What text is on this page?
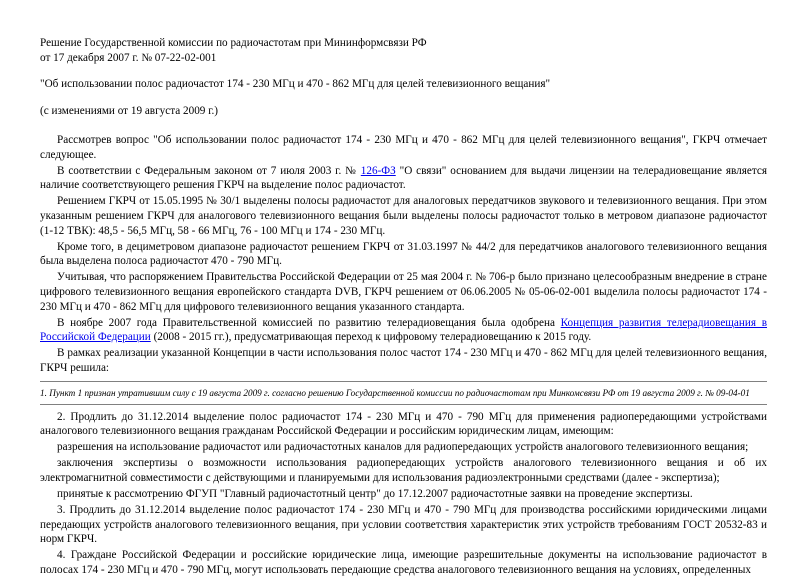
Решение Государственной комиссии по радиочастотам при Мининформсвязи РФ

от 17 декабря 2007 г. № 07-22-02-001

"Об использовании полос радиочастот 174 - 230 МГц и 470 - 862 МГц для целей телевизионного вещания"

(с изменениями от 19 августа 2009 г.)

Рассмотрев вопрос "Об использовании полос радиочастот 174 - 230 МГц и 470 - 862 МГц для целей телевизионного вещания", ГКРЧ отмечает следующее.

В соответствии с Федеральным законом от 7 июля 2003 г. № 126-ФЗ "О связи" основанием для выдачи лицензии на телерадиовещание является наличие соответствующего решения ГКРЧ на выделение полос радиочастот.

Решением ГКРЧ от 15.05.1995 № 30/1 выделены полосы радиочастот для аналоговых передатчиков звукового и телевизионного вещания. При этом указанным решением ГКРЧ для аналогового телевизионного вещания были выделены полосы радиочастот только в метровом диапазоне радиочастот (1-12 ТВК): 48,5 - 56,5 МГц, 58 - 66 МГц, 76 - 100 МГц и 174 - 230 МГц.

Кроме того, в дециметровом диапазоне радиочастот решением ГКРЧ от 31.03.1997 № 44/2 для передатчиков аналогового телевизионного вещания была выделена полоса радиочастот 470 - 790 МГц.

Учитывая, что распоряжением Правительства Российской Федерации от 25 мая 2004 г. № 706-р было признано целесообразным внедрение в стране цифрового телевизионного вещания европейского стандарта DVB, ГКРЧ решением от 06.06.2005 № 05-06-02-001 выделила полосы радиочастот 174 - 230 МГц и 470 - 862 МГц для цифрового телевизионного вещания указанного стандарта.

В ноябре 2007 года Правительственной комиссией по развитию телерадиовещания была одобрена Концепция развития телерадиовещания в Российской Федерации (2008 - 2015 гг.), предусматривающая переход к цифровому телерадиовещанию к 2015 году.

В рамках реализации указанной Концепции в части использования полос частот 174 - 230 МГц и 470 - 862 МГц для целей телевизионного вещания, ГКРЧ решила:

1. Пункт 1 признан утратившим силу с 19 августа 2009 г. согласно решению Государственной комиссии по радиочастотам при Минкомсвязи РФ от 19 августа 2009 г. № 09-04-01

2. Продлить до 31.12.2014 выделение полос радиочастот 174 - 230 МГц и 470 - 790 МГц для применения радиопередающими устройствами аналогового телевизионного вещания гражданам Российской Федерации и российским юридическим лицам, имеющим:

разрешения на использование радиочастот или радиочастотных каналов для радиопередающих устройств аналогового телевизионного вещания;

заключения экспертизы о возможности использования радиопередающих устройств аналогового телевизионного вещания и об их электромагнитной совместимости с действующими и планируемыми для использования радиоэлектронными средствами (далее - экспертиза);

принятые к рассмотрению ФГУП "Главный радиочастотный центр" до 17.12.2007 радиочастотные заявки на проведение экспертизы.

3. Продлить до 31.12.2014 выделение полос радиочастот 174 - 230 МГц и 470 - 790 МГц для производства российскими юридическими лицами передающих устройств аналогового телевизионного вещания, при условии соответствия характеристик этих устройств требованиям ГОСТ 20532-83 и норм ГКРЧ.

4. Граждане Российской Федерации и российские юридические лица, имеющие разрешительные документы на использование радиочастот в полосах 174 - 230 МГц и 470 - 790 МГц, могут использовать передающие средства аналогового телевизионного вещания на условиях, определенных
